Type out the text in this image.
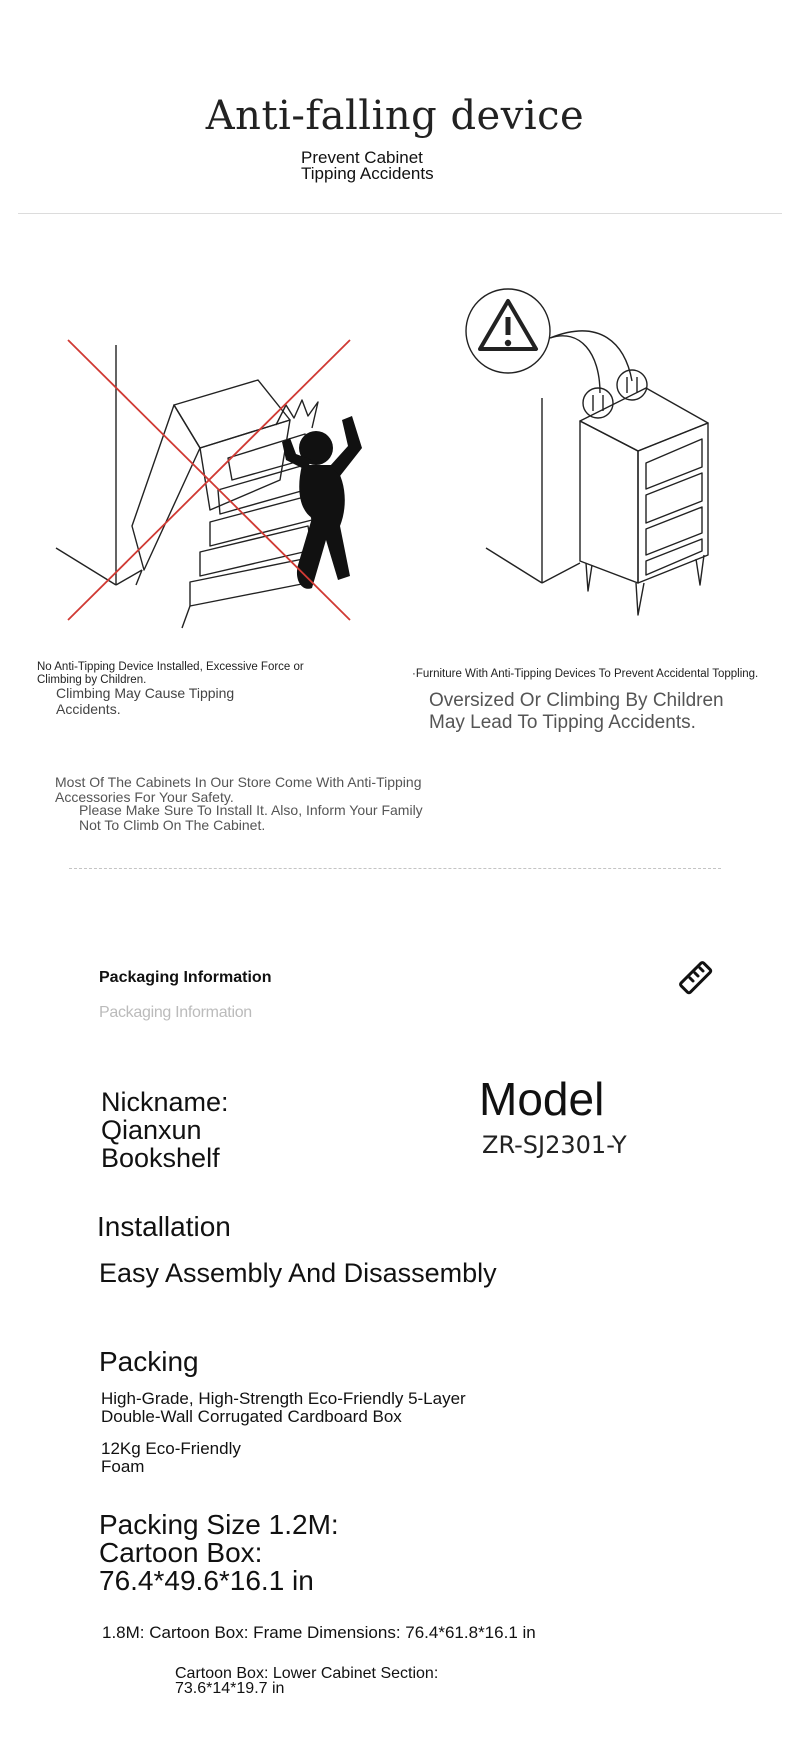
Anti-falling device
Prevent Cabinet
Tipping Accidents
No Anti-Tipping Device Installed, Excessive Force or
Climbing by Children.
Climbing May Cause Tipping
Accidents.
·Furniture With Anti-Tipping Devices To Prevent Accidental Toppling.
Oversized Or Climbing By Children
May Lead To Tipping Accidents.
Most Of The Cabinets In Our Store Come With Anti-Tipping
Accessories For Your Safety.
Please Make Sure To Install It. Also, Inform Your Family
Not To Climb On The Cabinet.
Packaging Information
Packaging Information
Nickname:
Qianxun
Bookshelf
Model
ZR-SJ2301-Y
Installation
Easy Assembly And Disassembly
Packing
High-Grade, High-Strength Eco-Friendly 5-Layer
Double-Wall Corrugated Cardboard Box
12Kg Eco-Friendly
Foam
Packing Size 1.2M:
Cartoon Box:
76.4*49.6*16.1 in
1.8M: Cartoon Box: Frame Dimensions: 76.4*61.8*16.1 in
Cartoon Box: Lower Cabinet Section:
73.6*14*19.7 in
